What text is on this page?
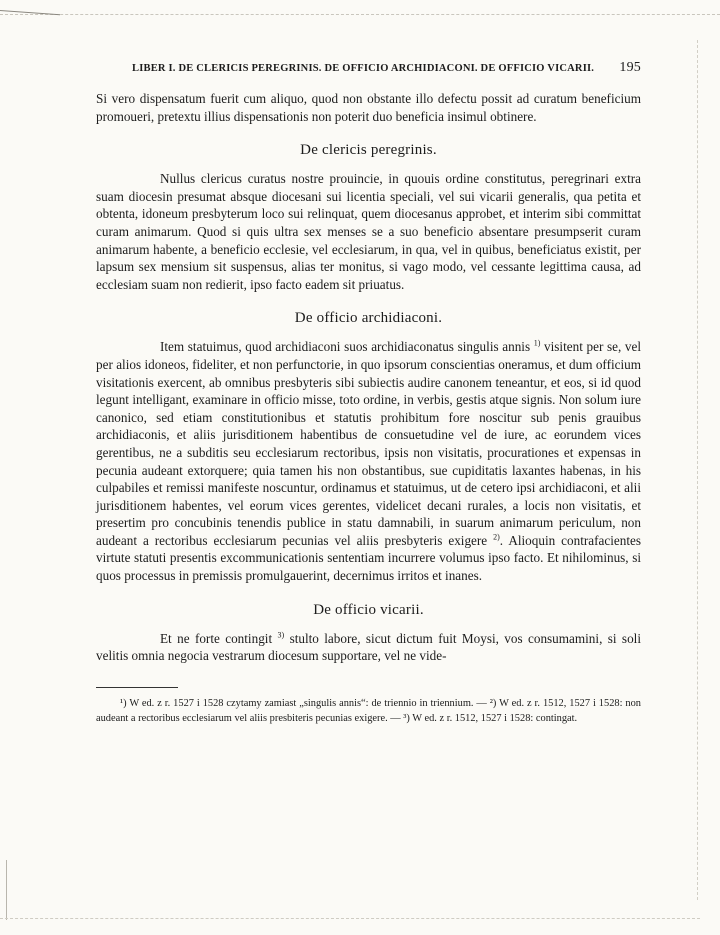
LIBER I. DE CLERICIS PEREGRINIS. DE OFFICIO ARCHIDIACONI. DE OFFICIO VICARII. 195

Si vero dispensatum fuerit cum aliquo, quod non obstante illo defectu possit ad curatum beneficium promoueri, pretextu illius dispensationis non poterit duo beneficia insimul obtinere.

De clericis peregrinis.

Nullus clericus curatus nostre prouincie, in quouis ordine constitutus, peregrinari extra suam diocesin presumat absque diocesani sui licentia speciali, vel sui vicarii generalis, qua petita et obtenta, idoneum presbyterum loco sui relinquat, quem diocesanus approbet, et interim sibi committat curam animarum. Quod si quis ultra sex menses se a suo beneficio absentare presumpserit curam animarum habente, a beneficio ecclesie, vel ecclesiarum, in qua, vel in quibus, beneficiatus existit, per lapsum sex mensium sit suspensus, alias ter monitus, si vago modo, vel cessante legittima causa, ad ecclesiam suam non redierit, ipso facto eadem sit priuatus.

De officio archidiaconi.

Item statuimus, quod archidiaconi suos archidiaconatus singulis annis $^{1)}$ visitent per se, vel per alios idoneos, fideliter, et non perfunctorie, in quo ipsorum conscientias oneramus, et dum officium visitationis exercent, ab omnibus presbyteris sibi subiectis audire canonem teneantur, et eos, si id quod legunt intelligant, examinare in officio misse, toto ordine, in verbis, gestis atque signis. Non solum iure canonico, sed etiam constitutionibus et statutis prohibitum fore noscitur sub penis grauibus archidiaconis, et aliis jurisditionem habentibus de consuetudine vel de iure, ac eorundem vices gerentibus, ne a subditis seu ecclesiarum rectoribus, ipsis non visitatis, procurationes et expensas in pecunia audeant extorquere; quia tamen his non obstantibus, sue cupiditatis laxantes habenas, in his culpabiles et remissi manifeste noscuntur, ordinamus et statuimus, ut de cetero ipsi archidiaconi, et alii jurisditionem habentes, vel eorum vices gerentes, videlicet decani rurales, a locis non visitatis, et presertim pro concubinis tenendis publice in statu damnabili, in suarum animarum periculum, non audeant a rectoribus ecclesiarum pecunias vel aliis presbyteris exigere $^{2)}$. Alioquin contrafacientes virtute statuti presentis excommunicationis sententiam incurrere volumus ipso facto. Et nihilominus, si quos processus in premissis promulgauerint, decernimus irritos et inanes.

De officio vicarii.

Et ne forte contingit $^{3)}$ stulto labore, sicut dictum fuit Moysi, vos consumamini, si soli velitis omnia negocia vestrarum diocesum supportare, vel ne vide-

¹) W ed. z r. 1527 i 1528 czytamy zamiast „singulis annis“: de triennio in triennium. — ²) W ed. z r. 1512, 1527 i 1528: non audeant a rectoribus ecclesiarum vel aliis presbiteris pecunias exigere. — ³) W ed. z r. 1512, 1527 i 1528: contingat.
